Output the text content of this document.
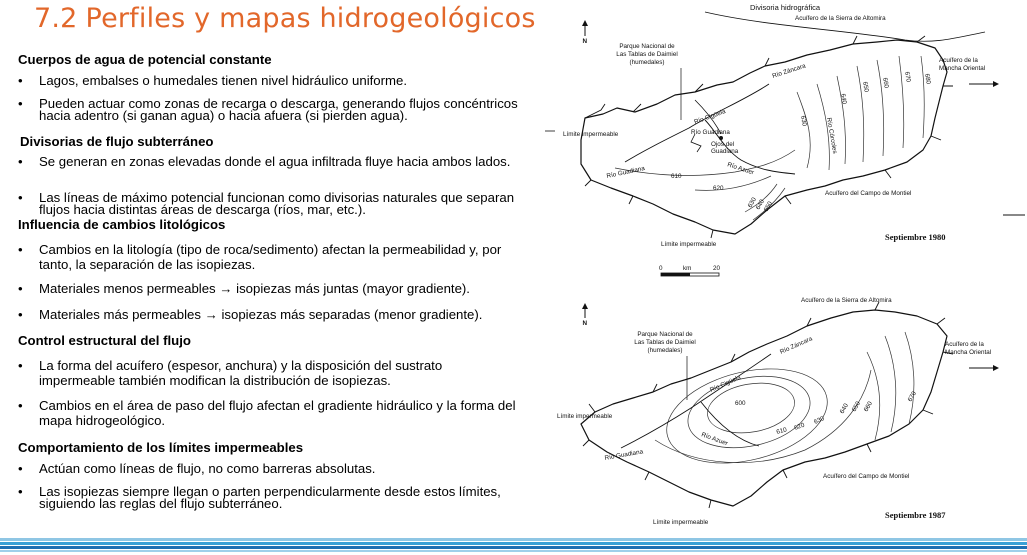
7.2 Perfiles y mapas hidrogeológicos
Cuerpos de agua de potencial constante
• Lagos, embalses o humedales tienen nivel hidráulico uniforme.
• Pueden actuar como zonas de recarga o descarga, generando flujos concéntricos hacia adentro (si ganan agua) o hacia afuera (si pierden agua).
Divisorias de flujo subterráneo
• Se generan en zonas elevadas donde el agua infiltrada fluye hacia ambos lados.
• Las líneas de máximo potencial funcionan como divisorias naturales que separan flujos hacia distintas áreas de descarga (ríos, mar, etc.).
Influencia de cambios litológicos
• Cambios en la litología (tipo de roca/sedimento) afectan la permeabilidad y, por tanto, la separación de las isopiezas.
• Materiales menos permeables → isopiezas más juntas (mayor gradiente).
• Materiales más permeables → isopiezas más separadas (menor gradiente).
Control estructural del flujo
• La forma del acuífero (espesor, anchura) y la disposición del sustrato impermeable también modifican la distribución de isopiezas.
• Cambios en el área de paso del flujo afectan el gradiente hidráulico y la forma del mapa hidrogeológico.
Comportamiento de los límites impermeables
• Actúan como líneas de flujo, no como barreras absolutas.
• Las isopiezas siempre llegan o parten perpendicularmente desde estos límites, siguiendo las reglas del flujo subterráneo.
Divisoria hidrográfica
Acuífero de la Sierra de Altomira
N
Parque Nacional de
Las Tablas de Daimiel
(humedales)
Río Záncara
Río Cigüela
Río Guadiana
Río Azuer
Río Guadiana
Río Córcoles
Ojos del
Guadiana
610
620
630
640
650 660
670 680
630
640
650
Acuífero de la
Mancha Oriental
Límite impermeable
Acuífero del Campo de Montiel
Límite impermeable
Septiembre 1980
0	km	20
Acuífero de la Sierra de Altomira
N
Parque Nacional de
Las Tablas de Daimiel
(humedales)	Río Záncara
Río Cigüela
Río Azuer
Río Guadiana
600
610 620
630
640 650 660
670
Acuífero de la
Mancha Oriental
Límite impermeable
Acuífero del Campo de Montiel
Límite impermeable
Septiembre 1987
